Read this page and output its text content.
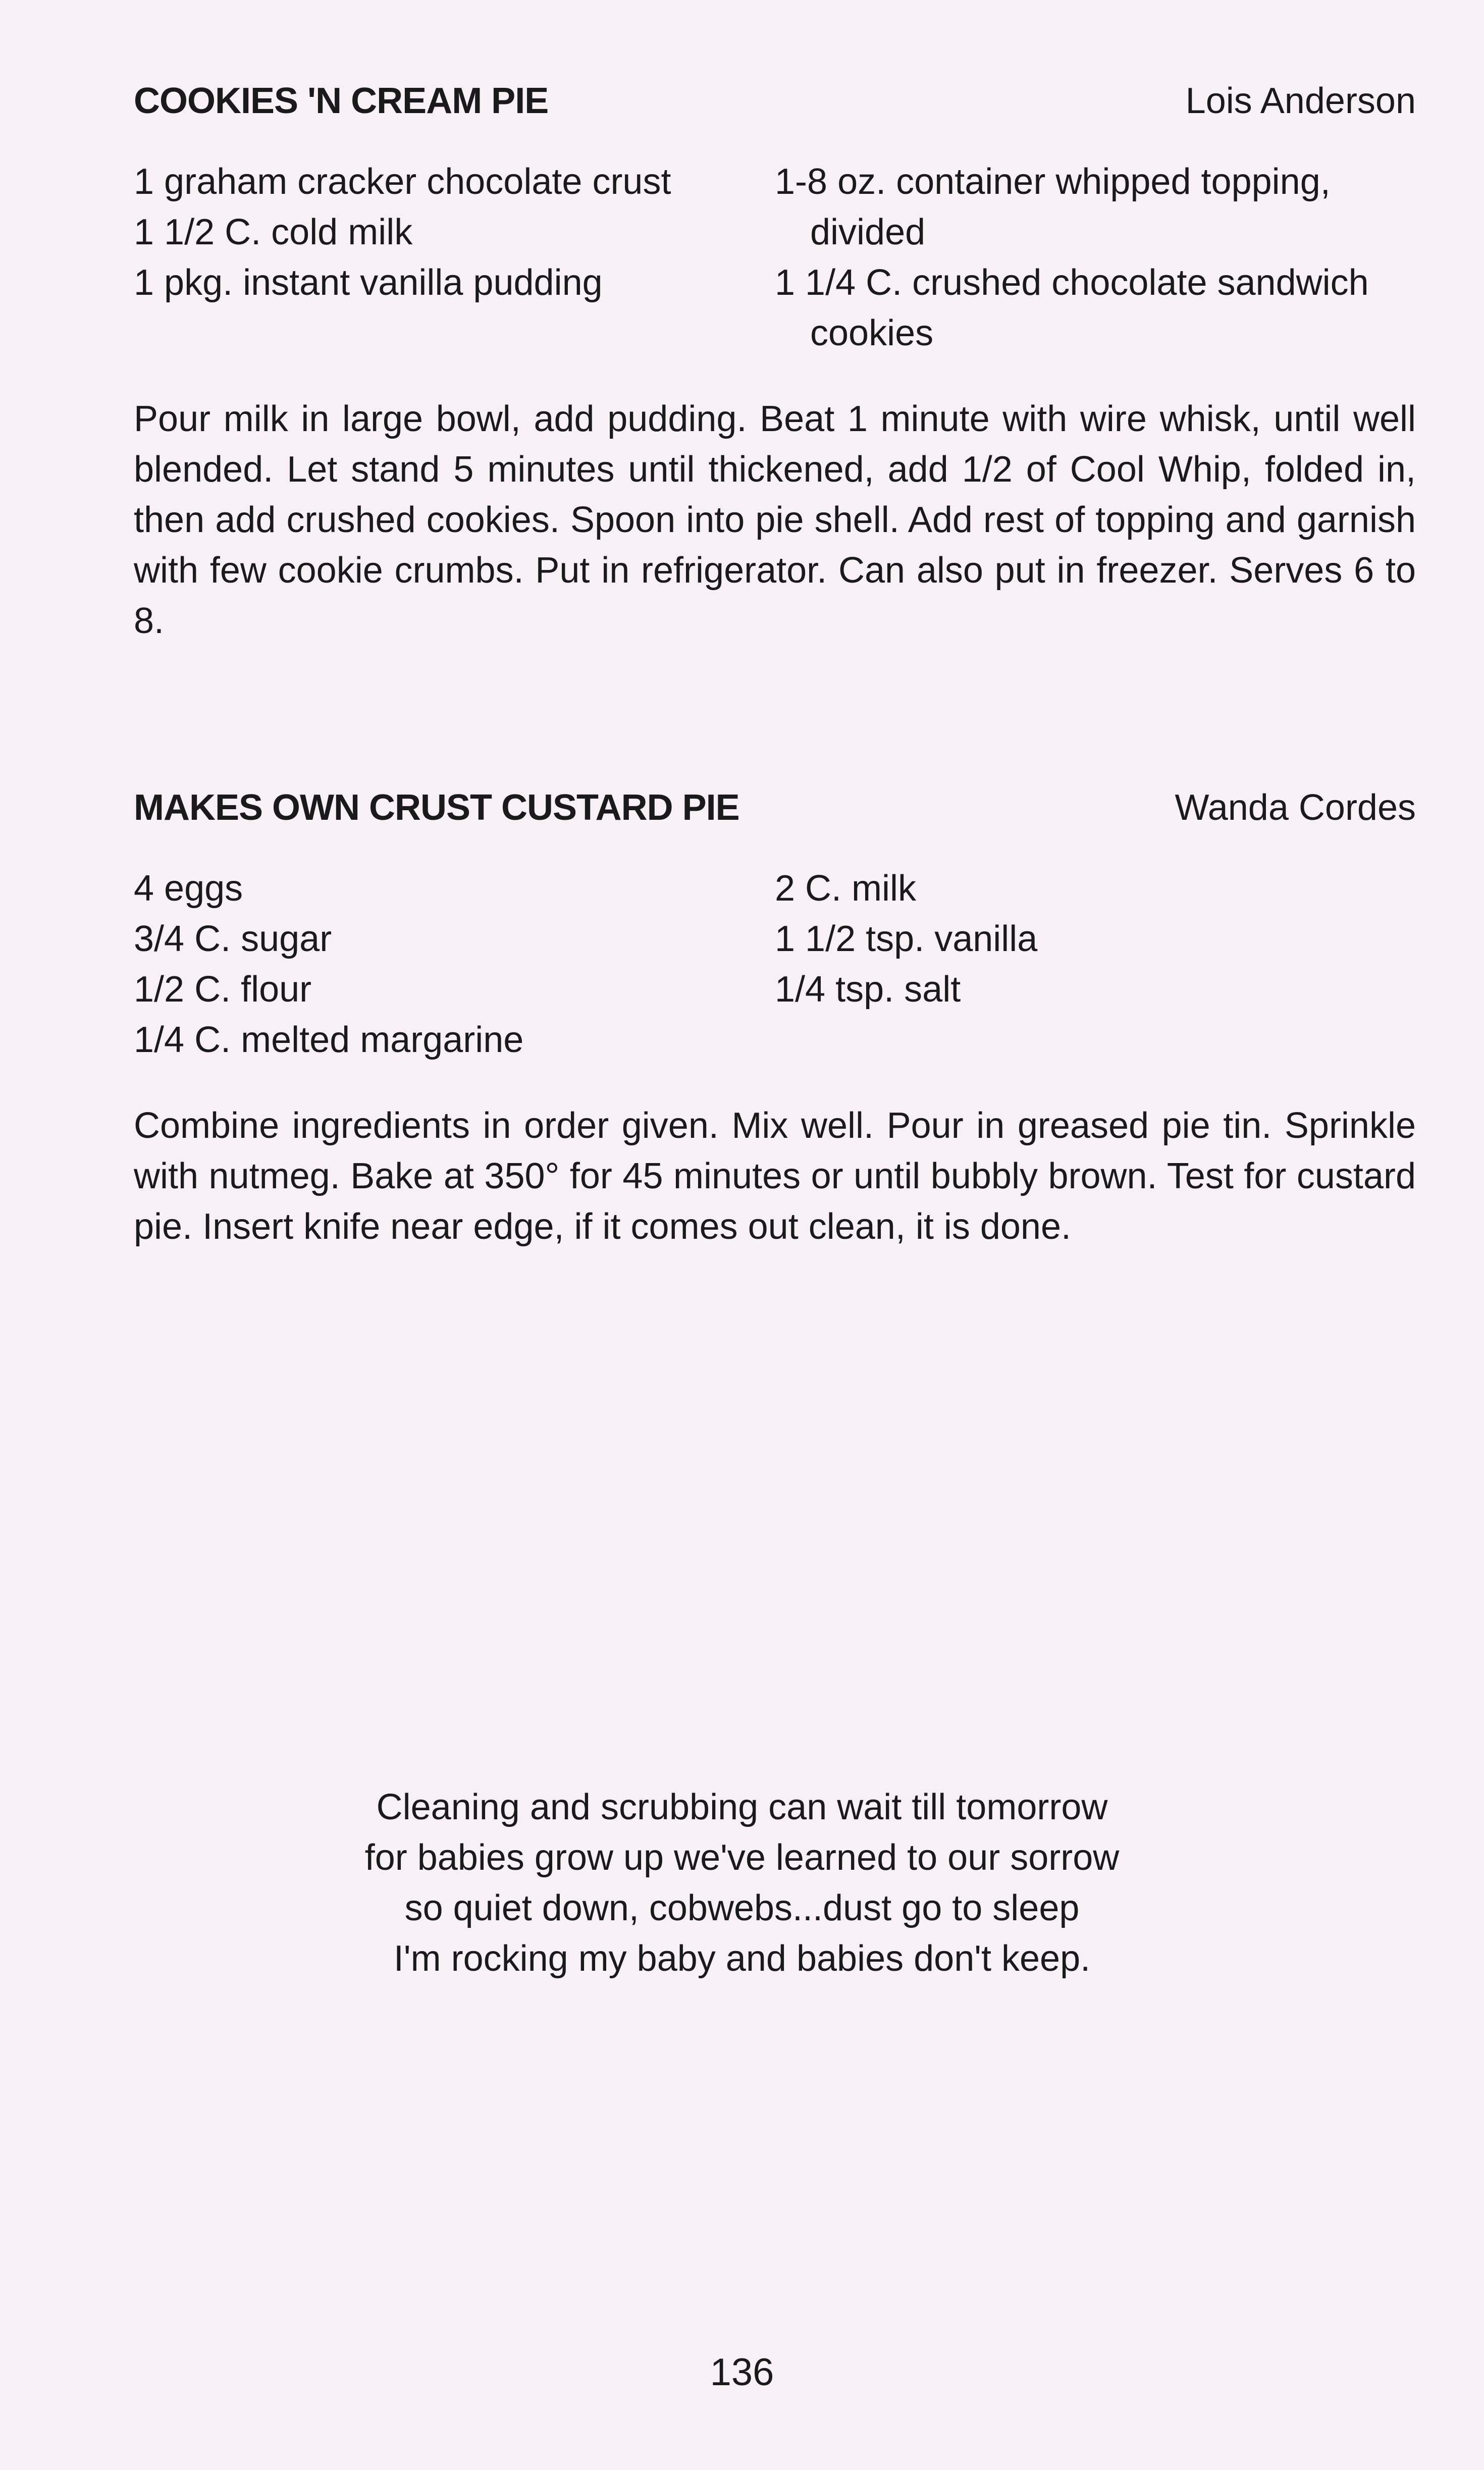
COOKIES 'N CREAM PIE	Lois Anderson
1 graham cracker chocolate crust
1 1/2 C. cold milk
1 pkg. instant vanilla pudding
1-8 oz. container whipped topping, divided
1 1/4 C. crushed chocolate sandwich cookies
Pour milk in large bowl, add pudding. Beat 1 minute with wire whisk, until well blended. Let stand 5 minutes until thickened, add 1/2 of Cool Whip, folded in, then add crushed cookies. Spoon into pie shell. Add rest of topping and garnish with few cookie crumbs. Put in refrigerator. Can also put in freezer. Serves 6 to 8.
MAKES OWN CRUST CUSTARD PIE	Wanda Cordes
4 eggs
3/4 C. sugar
1/2 C. flour
1/4 C. melted margarine
2 C. milk
1 1/2 tsp. vanilla
1/4 tsp. salt
Combine ingredients in order given. Mix well. Pour in greased pie tin. Sprinkle with nutmeg. Bake at 350° for 45 minutes or until bubbly brown. Test for custard pie. Insert knife near edge, if it comes out clean, it is done.
Cleaning and scrubbing can wait till tomorrow
for babies grow up we've learned to our sorrow
so quiet down, cobwebs...dust go to sleep
I'm rocking my baby and babies don't keep.
136
